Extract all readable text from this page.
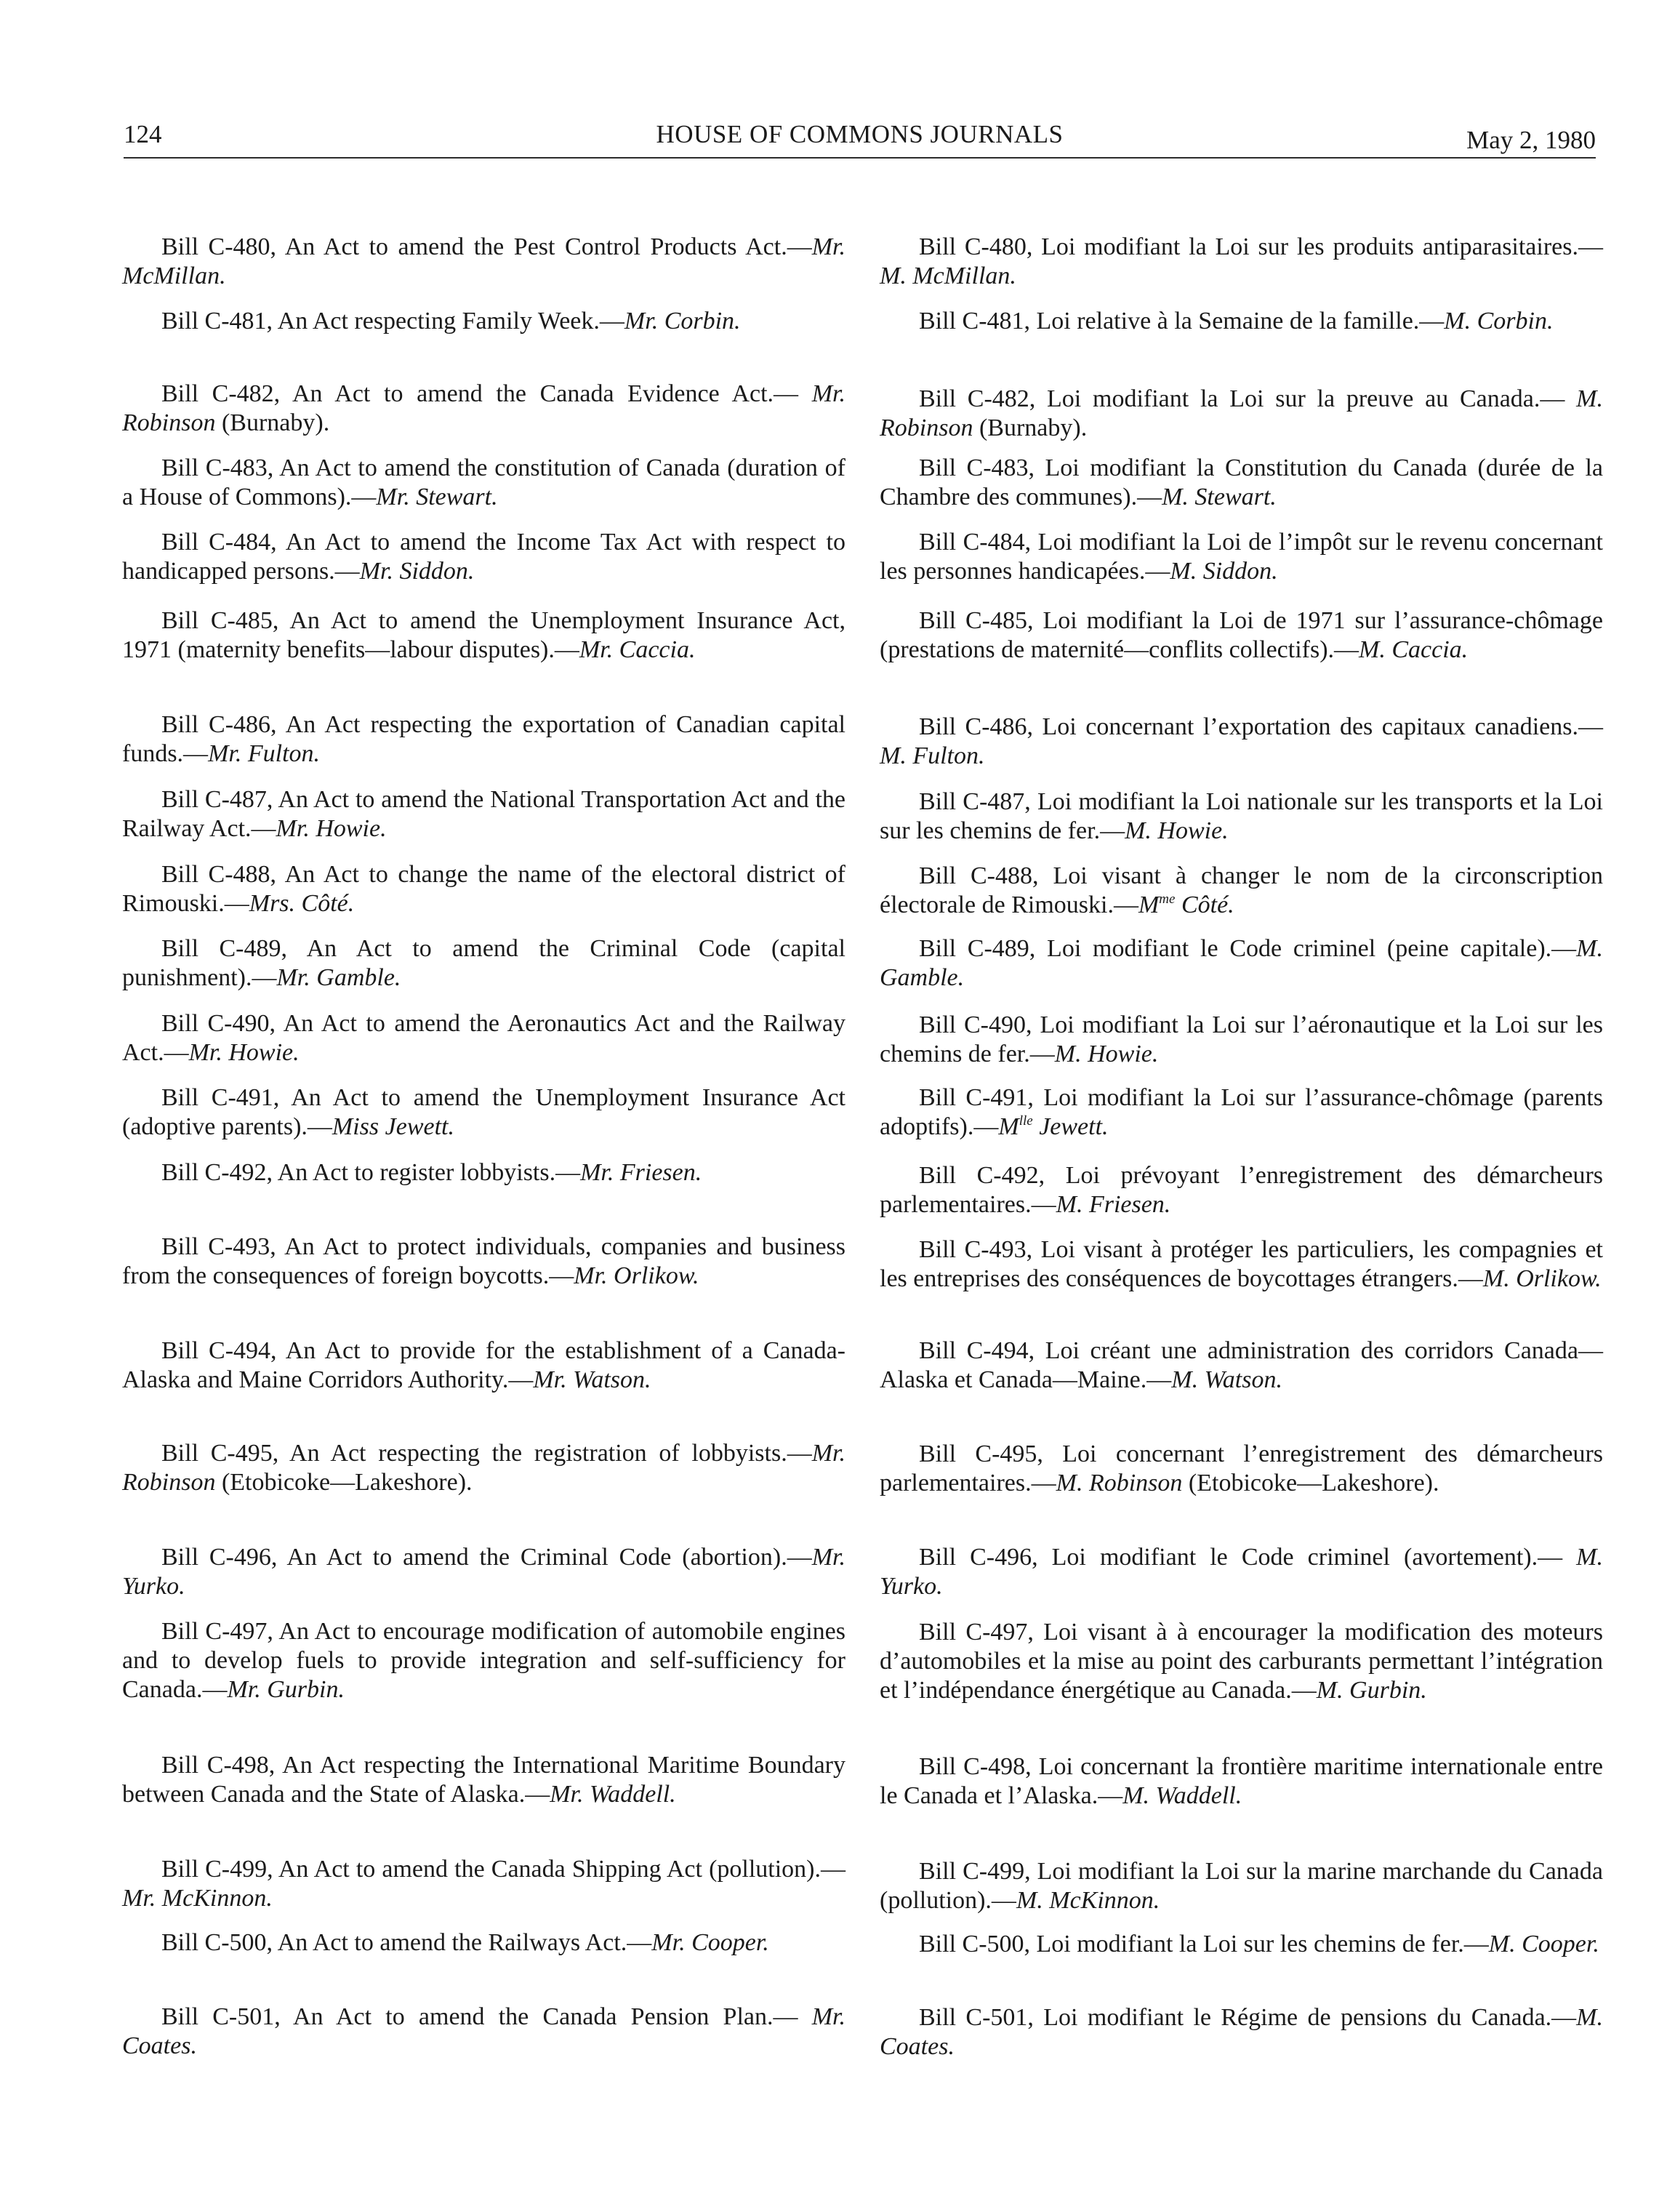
124	HOUSE OF COMMONS JOURNALS	May 2, 1980

Bill C-480, An Act to amend the Pest Control Products Act.—Mr. McMillan.

Bill C-481, An Act respecting Family Week.—Mr. Corbin.

Bill C-482, An Act to amend the Canada Evidence Act.— Mr. Robinson (Burnaby).

Bill C-483, An Act to amend the constitution of Canada (duration of a House of Commons).—Mr. Stewart.

Bill C-484, An Act to amend the Income Tax Act with respect to handicapped persons.—Mr. Siddon.

Bill C-485, An Act to amend the Unemployment Insurance Act, 1971 (maternity benefits—labour disputes).—Mr. Caccia.

Bill C-486, An Act respecting the exportation of Canadian capital funds.—Mr. Fulton.

Bill C-487, An Act to amend the National Transportation Act and the Railway Act.—Mr. Howie.

Bill C-488, An Act to change the name of the electoral district of Rimouski.—Mrs. Côté.

Bill C-489, An Act to amend the Criminal Code (capital punishment).—Mr. Gamble.

Bill C-490, An Act to amend the Aeronautics Act and the Railway Act.—Mr. Howie.

Bill C-491, An Act to amend the Unemployment Insurance Act (adoptive parents).—Miss Jewett.

Bill C-492, An Act to register lobbyists.—Mr. Friesen.

Bill C-493, An Act to protect individuals, companies and business from the consequences of foreign boycotts.—Mr. Orlikow.

Bill C-494, An Act to provide for the establishment of a Canada-Alaska and Maine Corridors Authority.—Mr. Watson.

Bill C-495, An Act respecting the registration of lobbyists.—Mr. Robinson (Etobicoke—Lakeshore).

Bill C-496, An Act to amend the Criminal Code (abortion).—Mr. Yurko.

Bill C-497, An Act to encourage modification of automobile engines and to develop fuels to provide integration and self-sufficiency for Canada.—Mr. Gurbin.

Bill C-498, An Act respecting the International Maritime Boundary between Canada and the State of Alaska.—Mr. Waddell.

Bill C-499, An Act to amend the Canada Shipping Act (pollution).—Mr. McKinnon.

Bill C-500, An Act to amend the Railways Act.—Mr. Cooper.

Bill C-501, An Act to amend the Canada Pension Plan.— Mr. Coates.

Bill C-480, Loi modifiant la Loi sur les produits antiparasitaires.—M. McMillan.

Bill C-481, Loi relative à la Semaine de la famille.—M. Corbin.

Bill C-482, Loi modifiant la Loi sur la preuve au Canada.— M. Robinson (Burnaby).

Bill C-483, Loi modifiant la Constitution du Canada (durée de la Chambre des communes).—M. Stewart.

Bill C-484, Loi modifiant la Loi de l’impôt sur le revenu concernant les personnes handicapées.—M. Siddon.

Bill C-485, Loi modifiant la Loi de 1971 sur l’assurance-chômage (prestations de maternité—conflits collectifs).—M. Caccia.

Bill C-486, Loi concernant l’exportation des capitaux canadiens.—M. Fulton.

Bill C-487, Loi modifiant la Loi nationale sur les transports et la Loi sur les chemins de fer.—M. Howie.

Bill C-488, Loi visant à changer le nom de la circonscription électorale de $Rimouski.—M^{me}$ Côté.

Bill C-489, Loi modifiant le Code criminel (peine capitale).—M. Gamble.

Bill C-490, Loi modifiant la Loi sur l’aéronautique et la Loi sur les chemins de fer.—M. Howie.

Bill C-491, Loi modifiant la Loi sur l’assurance-chômage (parents $adoptifs).—M^{lle}$ Jewett.

Bill C-492, Loi prévoyant l’enregistrement des démarcheurs parlementaires.—M. Friesen.

Bill C-493, Loi visant à protéger les particuliers, les compagnies et les entreprises des conséquences de boycottages étrangers.—M. Orlikow.

Bill C-494, Loi créant une administration des corridors Canada—Alaska et Canada—Maine.—M. Watson.

Bill C-495, Loi concernant l’enregistrement des démarcheurs parlementaires.—M. Robinson (Etobicoke—Lakeshore).

Bill C-496, Loi modifiant le Code criminel (avortement).— M. Yurko.

Bill C-497, Loi visant à à encourager la modification des moteurs d’automobiles et la mise au point des carburants permettant l’intégration et l’indépendance énergétique au Canada.—M. Gurbin.

Bill C-498, Loi concernant la frontière maritime internationale entre le Canada et l’Alaska.—M. Waddell.

Bill C-499, Loi modifiant la Loi sur la marine marchande du Canada (pollution).—M. McKinnon.

Bill C-500, Loi modifiant la Loi sur les chemins de fer.—M. Cooper.

Bill C-501, Loi modifiant le Régime de pensions du Canada.—M. Coates.
